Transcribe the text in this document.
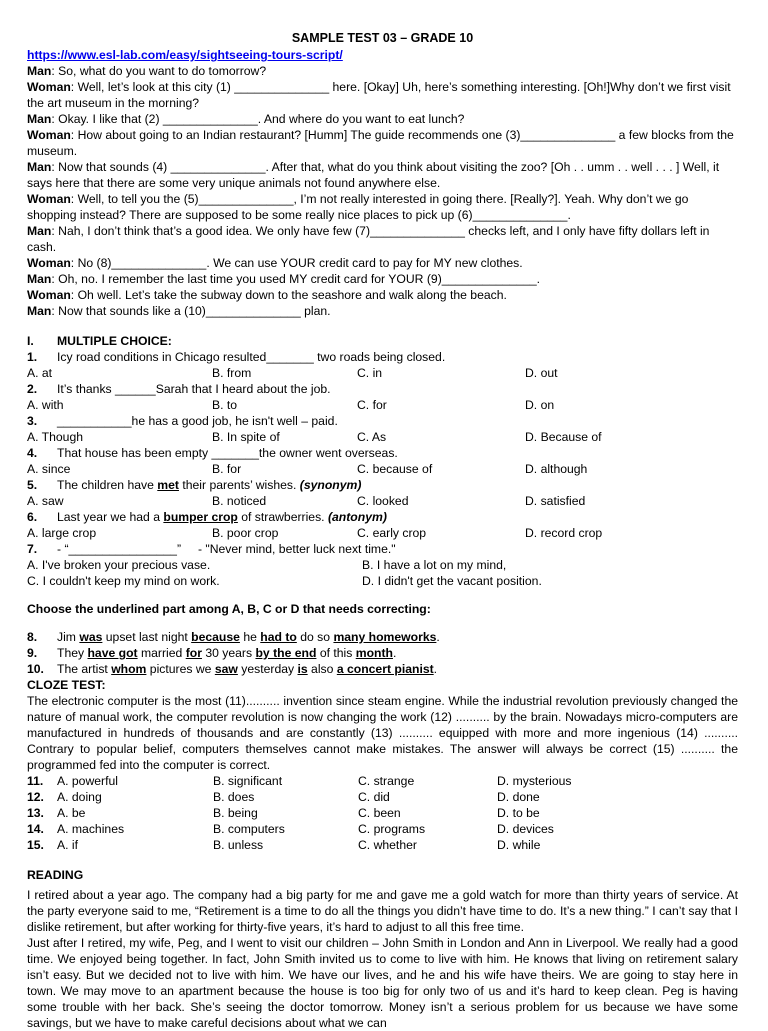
SAMPLE TEST 03 – GRADE 10
https://www.esl-lab.com/easy/sightseeing-tours-script/

Man: So, what do you want to do tomorrow?

Woman: Well, let’s look at this city (1) ______________ here. [Okay] Uh, here’s something interesting. [Oh!]Why don’t we first visit the art museum in the morning?

Man: Okay. I like that (2) ______________. And where do you want to eat lunch?

Woman: How about going to an Indian restaurant? [Humm] The guide recommends one (3)______________ a few blocks from the museum.

Man: Now that sounds (4) ______________. After that, what do you think about visiting the zoo? [Oh . . umm . . well . . . ] Well, it says here that there are some very unique animals not found anywhere else.

Woman: Well, to tell you the (5)______________, I’m not really interested in going there. [Really?]. Yeah. Why don’t we go shopping instead? There are supposed to be some really nice places to pick up (6)______________.

Man: Nah, I don’t think that’s a good idea. We only have few (7)______________ checks left, and I only have fifty dollars left in cash.

Woman: No (8)______________. We can use YOUR credit card to pay for MY new clothes.

Man: Oh, no. I remember the last time you used MY credit card for YOUR (9)______________.

Woman: Oh well. Let’s take the subway down to the seashore and walk along the beach.

Man: Now that sounds like a (10)______________ plan.

I.	MULTIPLE CHOICE:
1.	Icy road conditions in Chicago resulted_______ two roads being closed.
A. at	B. from	C. in	D. out
2.	It’s thanks ______Sarah that I heard about the job.
A. with	B. to	C. for	D. on
3.	___________he has a good job, he isn't well – paid.
A. Though	B. In spite of	C. As	D. Because of
4.	That house has been empty _______the owner went overseas.
A. since	B. for	C. because of	D. although
5.	The children have met their parents’ wishes. (synonym)
A. saw	B. noticed	C. looked	D. satisfied
6.	Last year we had a bumper crop of strawberries. (antonym)
A. large crop	B. poor crop	C. early crop	D. record crop
7.	- “________________”     - "Never mind, better luck next time."
A. I've broken your precious vase.	B. I have a lot on my mind,
C. I couldn't keep my mind on work.	D. I didn't get the vacant position.
Choose the underlined part among A, B, C or D that needs correcting:
8.	Jim was upset last night because he had to do so many homeworks.
9.	They have got married for 30 years by the end of this month.
10.	The artist whom pictures we saw yesterday is also a concert pianist.
CLOZE TEST:
The electronic computer is the most (11).......... invention since steam engine. While the industrial revolution previously changed the nature of manual work, the computer revolution is now changing the work (12) .......... by the brain. Nowadays micro-computers are manufactured in hundreds of thousands and are constantly (13) .......... equipped with more and more ingenious (14) .......... Contrary to popular belief, computers themselves cannot make mistakes. The answer will always be correct (15) .......... the programmed fed into the computer is correct.
11.	A. powerful	B. significant	C. strange	D. mysterious
12.	A. doing	B. does	C. did	D. done
13.	A. be	B. being	C. been	D. to be
14.	A. machines	B. computers	C. programs	D. devices
15.	A. if	B. unless	C. whether	D. while
READING
I retired about a year ago. The company had a big party for me and gave me a gold watch for more than thirty years of service. At the party everyone said to me, “Retirement is a time to do all the things you didn’t have time to do. It’s a new thing.” I can’t say that I dislike retirement, but after working for thirty-five years, it’s hard to adjust to all this free time.
Just after I retired, my wife, Peg, and I went to visit our children – John Smith in London and Ann in Liverpool. We really had a good time. We enjoyed being together. In fact, John Smith invited us to come to live with him. He knows that living on retirement salary isn’t easy. But we decided not to live with him. We have our lives, and he and his wife have theirs. We are going to stay here in town. We may move to an apartment because the house is too big for only two of us and it’s hard to keep clean. Peg is having some trouble with her back. She’s seeing the doctor tomorrow. Money isn’t a serious problem for us because we have some savings, but we have to make careful decisions about what we can
